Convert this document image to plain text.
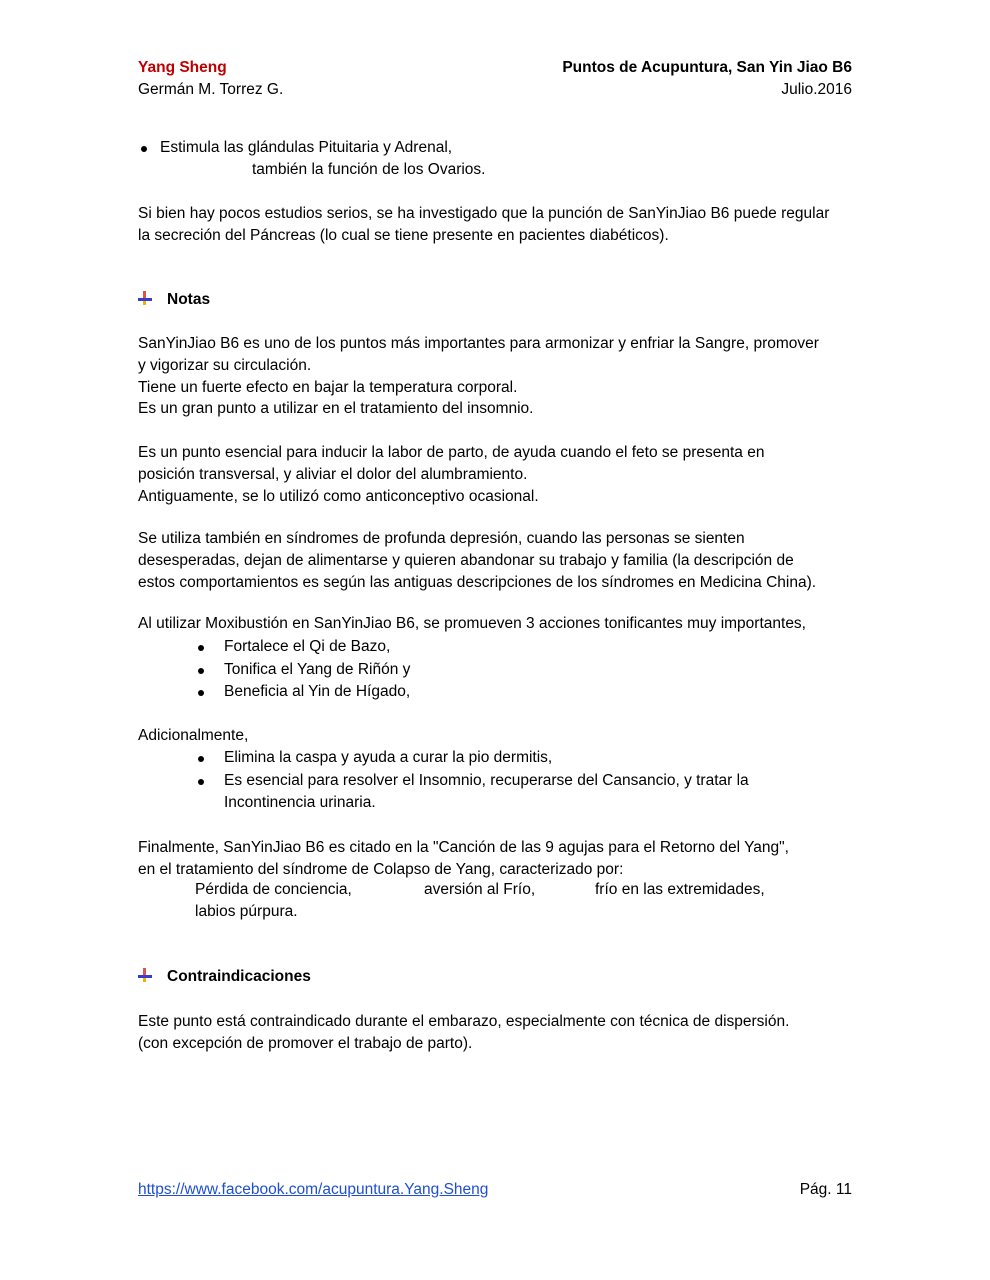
Yang Sheng	Puntos de Acupuntura, San Yin Jiao B6
Germán M. Torrez G.	Julio.2016
Estimula las glándulas Pituitaria y Adrenal,
también la función de los Ovarios.
Si bien hay pocos estudios serios, se ha investigado que la punción de SanYinJiao B6 puede regular
la secreción del Páncreas (lo cual se tiene presente en pacientes diabéticos).
Notas
SanYinJiao B6 es uno de los puntos más importantes para armonizar y enfriar la Sangre, promover
y vigorizar su circulación.
Tiene un fuerte efecto en bajar la temperatura corporal.
Es un gran punto a utilizar en el tratamiento del insomnio.
Es un punto esencial para inducir la labor de parto, de ayuda cuando el feto se presenta en
posición transversal, y aliviar el dolor del alumbramiento.
Antiguamente, se lo utilizó como anticonceptivo ocasional.
Se utiliza también en síndromes de profunda depresión, cuando las personas se sienten
desesperadas, dejan de alimentarse y quieren abandonar su trabajo y familia (la descripción de
estos comportamientos es según las antiguas descripciones de los síndromes en Medicina China).
Al utilizar Moxibustión en SanYinJiao B6, se promueven 3 acciones tonificantes muy importantes,
Fortalece el Qi de Bazo,
Tonifica el Yang de Riñón y
Beneficia al Yin de Hígado,
Adicionalmente,
Elimina la caspa y ayuda a curar la pio dermitis,
Es esencial para resolver el Insomnio, recuperarse del Cansancio, y tratar la
Incontinencia urinaria.
Finalmente, SanYinJiao B6 es citado en la "Canción de las 9 agujas para el Retorno del Yang",
en el tratamiento del síndrome de Colapso de Yang, caracterizado por:
Pérdida de conciencia,	aversión al Frío,	frío en las extremidades,
labios púrpura.
Contraindicaciones
Este punto está contraindicado durante el embarazo, especialmente con técnica de dispersión.
(con excepción de promover el trabajo de parto).
https://www.facebook.com/acupuntura.Yang.Sheng	Pág. 11
